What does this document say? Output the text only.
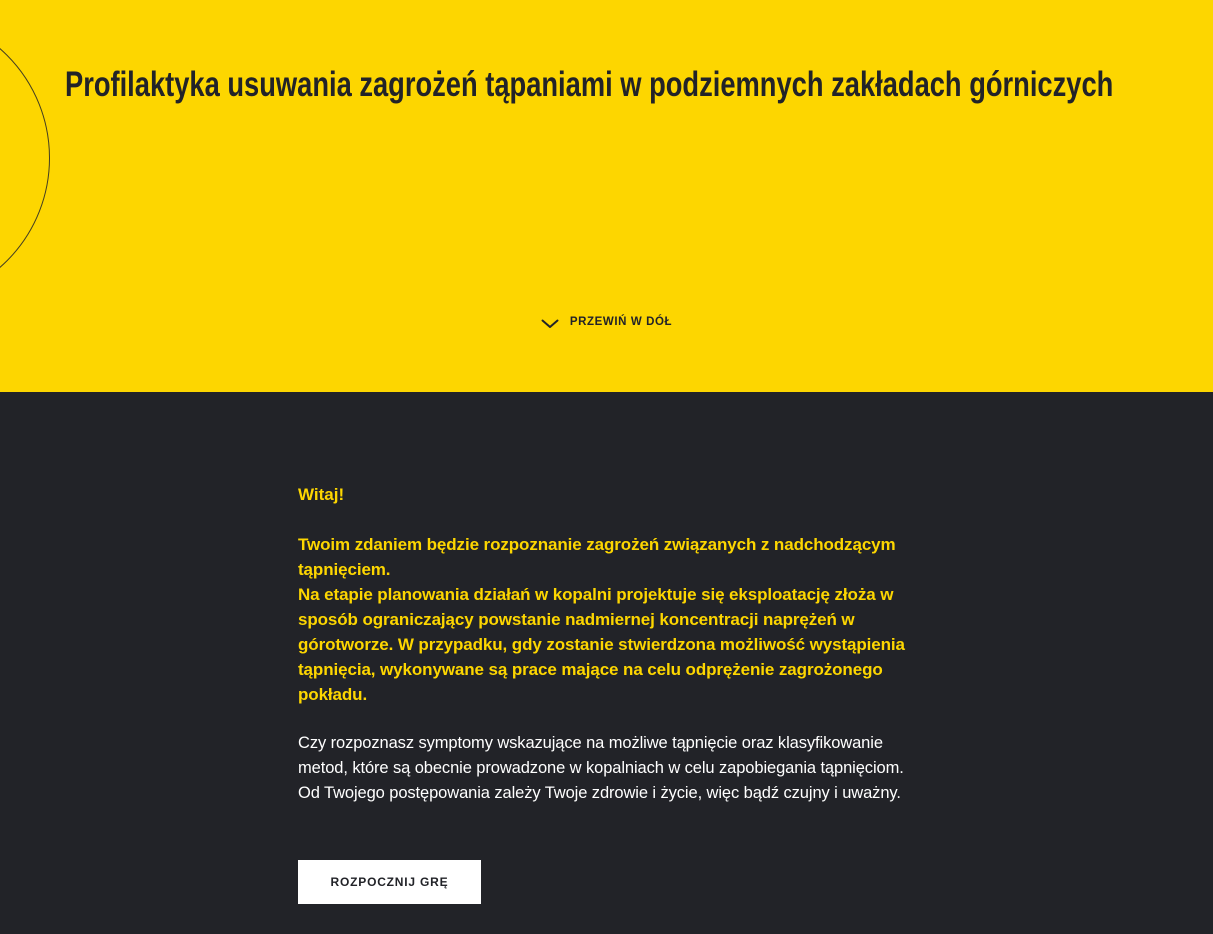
Profilaktyka usuwania zagrożeń tąpaniami w podziemnych zakładach górniczych
PRZEWIŃ W DÓŁ

Witaj!

Twoim zdaniem będzie rozpoznanie zagrożeń związanych z nadchodzącym tąpnięciem.
Na etapie planowania działań w kopalni projektuje się eksploatację złoża w sposób ograniczający powstanie nadmiernej koncentracji naprężeń w górotworze. W przypadku, gdy zostanie stwierdzona możliwość wystąpienia tąpnięcia, wykonywane są prace mające na celu odprężenie zagrożonego pokładu.

Czy rozpoznasz symptomy wskazujące na możliwe tąpnięcie oraz klasyfikowanie metod, które są obecnie prowadzone w kopalniach w celu zapobiegania tąpnięciom. Od Twojego postępowania zależy Twoje zdrowie i życie, więc bądź czujny i uważny.

ROZPOCZNIJ GRĘ
